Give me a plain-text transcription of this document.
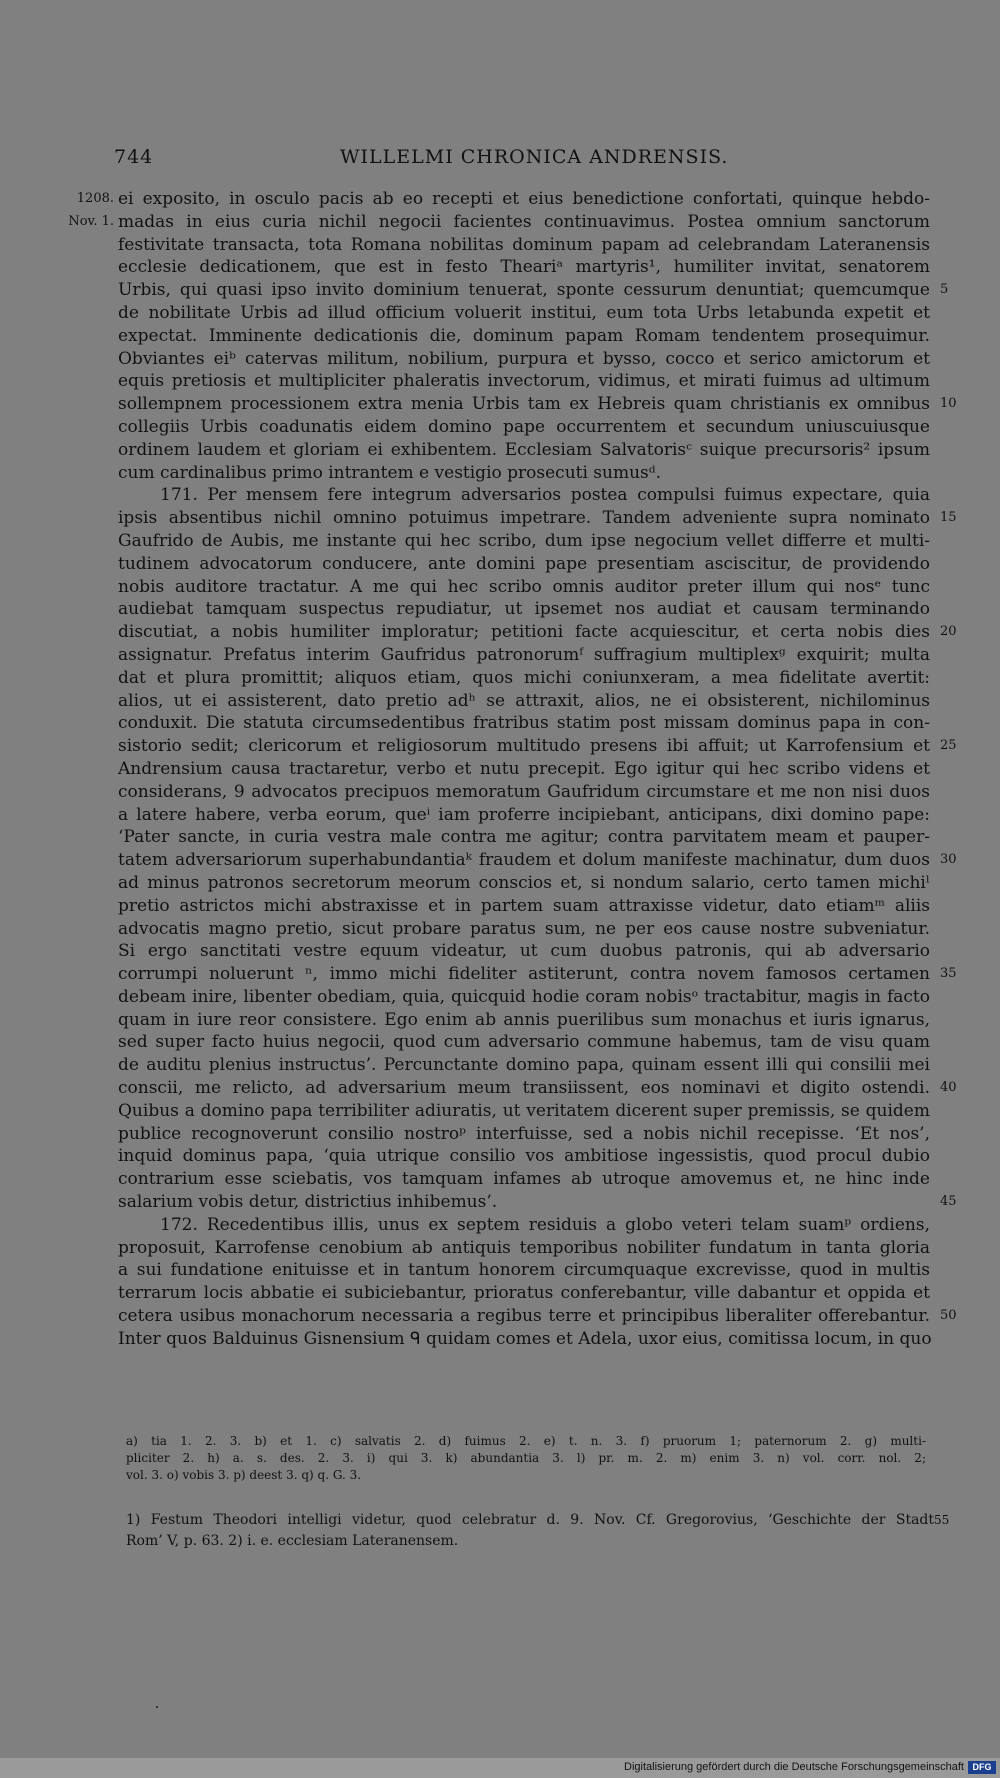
744	WILLELMI CHRONICA ANDRENSIS.
ei exposito, in osculo pacis ab eo recepti et eius benedictione confortati, quinque hebdo-
1208.
madas in eius curia nichil negocii facientes continuavimus. Postea omnium sanctorum
Nov. 1.
festivitate transacta, tota Romana nobilitas dominum papam ad celebrandam Lateranensis
ecclesie dedicationem, que est in festo Theariᵃ martyris¹, humiliter invitat, senatorem
Urbis, qui quasi ipso invito dominium tenuerat, sponte cessurum denuntiat; quemcumque 5
de nobilitate Urbis ad illud officium voluerit institui, eum tota Urbs letabunda expetit et
expectat. Imminente dedicationis die, dominum papam Romam tendentem prosequimur.
Obviantes eiᵇ catervas militum, nobilium, purpura et bysso, cocco et serico amictorum et
equis pretiosis et multipliciter phaleratis invectorum, vidimus, et mirati fuimus ad ultimum
sollempnem processionem extra menia Urbis tam ex Hebreis quam christianis ex omnibus 10
collegiis Urbis coadunatis eidem domino pape occurrentem et secundum uniuscuiusque
ordinem laudem et gloriam ei exhibentem. Ecclesiam Salvatorisᶜ suique precursoris² ipsum
cum cardinalibus primo intrantem e vestigio prosecuti sumusᵈ.
171. Per mensem fere integrum adversarios postea compulsi fuimus expectare, quia
ipsis absentibus nichil omnino potuimus impetrare. Tandem adveniente supra nominato 15
Gaufrido de Aubis, me instante qui hec scribo, dum ipse negocium vellet differre et multi-
tudinem advocatorum conducere, ante domini pape presentiam asciscitur, de providendo
nobis auditore tractatur. A me qui hec scribo omnis auditor preter illum qui nosᵉ tunc
audiebat tamquam suspectus repudiatur, ut ipsemet nos audiat et causam terminando
discutiat, a nobis humiliter imploratur; petitioni facte acquiescitur, et certa nobis dies 20
assignatur. Prefatus interim Gaufridus patronorumᶠ suffragium multiplexᵍ exquirit; multa
dat et plura promittit; aliquos etiam, quos michi coniunxeram, a mea fidelitate avertit:
alios, ut ei assisterent, dato pretio adʰ se attraxit, alios, ne ei obsisterent, nichilominus
conduxit. Die statuta circumsedentibus fratribus statim post missam dominus papa in con-
sistorio sedit; clericorum et religiosorum multitudo presens ibi affuit; ut Karrofensium et 25
Andrensium causa tractaretur, verbo et nutu precepit. Ego igitur qui hec scribo videns et
considerans, 9 advocatos precipuos memoratum Gaufridum circumstare et me non nisi duos
a latere habere, verba eorum, queⁱ iam proferre incipiebant, anticipans, dixi domino pape:
‘Pater sancte, in curia vestra male contra me agitur; contra parvitatem meam et pauper-
tatem adversariorum superhabundantiaᵏ fraudem et dolum manifeste machinatur, dum duos 30
ad minus patronos secretorum meorum conscios et, si nondum salario, certo tamen michiˡ
pretio astrictos michi abstraxisse et in partem suam attraxisse videtur, dato etiamᵐ aliis
advocatis magno pretio, sicut probare paratus sum, ne per eos cause nostre subveniatur.
Si ergo sanctitati vestre equum videatur, ut cum duobus patronis, qui ab adversario
corrumpi noluerunt ⁿ, immo michi fideliter astiterunt, contra novem famosos certamen 35
debeam inire, libenter obediam, quia, quicquid hodie coram nobisᵒ tractabitur, magis in facto
quam in iure reor consistere. Ego enim ab annis puerilibus sum monachus et iuris ignarus,
sed super facto huius negocii, quod cum adversario commune habemus, tam de visu quam
de auditu plenius instructus’. Percunctante domino papa, quinam essent illi qui consilii mei
conscii, me relicto, ad adversarium meum transiissent, eos nominavi et digito ostendi. 40
Quibus a domino papa terribiliter adiuratis, ut veritatem dicerent super premissis, se quidem
publice recognoverunt consilio nostroᵖ interfuisse, sed a nobis nichil recepisse. ‘Et nos’,
inquid dominus papa, ‘quia utrique consilio vos ambitiose ingessistis, quod procul dubio
contrarium esse sciebatis, vos tamquam infames ab utroque amovemus et, ne hinc inde
salarium vobis detur, districtius inhibemus’.	45
172. Recedentibus illis, unus ex septem residuis a globo veteri telam suamᵖ ordiens,
proposuit, Karrofense cenobium ab antiquis temporibus nobiliter fundatum in tanta gloria
a sui fundatione enituisse et in tantum honorem circumquaque excrevisse, quod in multis
terrarum locis abbatie ei subiciebantur, prioratus conferebantur, ville dabantur et oppida et
cetera usibus monachorum necessaria a regibus terre et principibus liberaliter offerebantur. 50
Inter quos Balduinus Gisnensium ᑫ quidam comes et Adela, uxor eius, comitissa locum, in quo
a) tia 1. 2. 3. b) et 1. c) salvatis 2. d) fuimus 2. e) t. n. 3. f) pruorum 1; paternorum 2. g) multi-
pliciter 2. h) a. s. des. 2. 3. i) qui 3. k) abundantia 3. l) pr. m. 2. m) enim 3. n) vol. corr. nol. 2;
vol. 3. o) vobis 3. p) deest 3. q) q. G. 3.
1) Festum Theodori intelligi videtur, quod celebratur d. 9. Nov. Cf. Gregorovius, ‘Geschichte der Stadt 55
Rom’ V, p. 63. 2) i. e. ecclesiam Lateranensem.
Digitalisierung gefördert durch die Deutsche Forschungsgemeinschaft DFG
